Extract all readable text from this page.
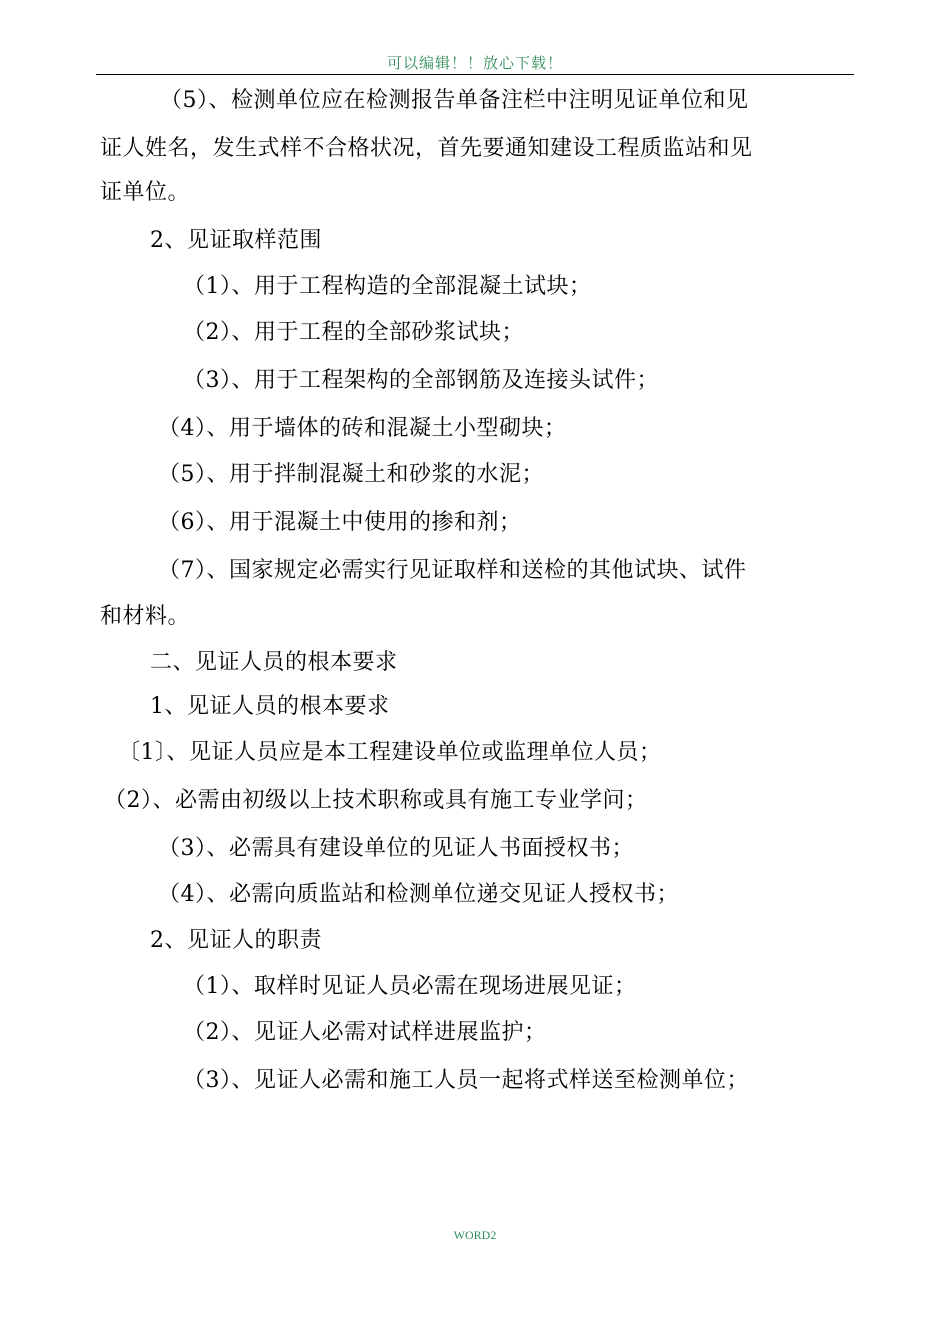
可以编辑！！放心下载！
（5）、检测单位应在检测报告单备注栏中注明见证单位和见
证人姓名，发生式样不合格状况，首先要通知建设工程质监站和见
证单位。
2、见证取样范围
（1）、用于工程构造的全部混凝土试块；
（2）、用于工程的全部砂浆试块；
（3）、用于工程架构的全部钢筋及连接头试件；
（4）、用于墙体的砖和混凝土小型砌块；
（5）、用于拌制混凝土和砂浆的水泥；
（6）、用于混凝土中使用的掺和剂；
（7）、国家规定必需实行见证取样和送检的其他试块、试件
和材料。
二、见证人员的根本要求
1、见证人员的根本要求
〔1〕、见证人员应是本工程建设单位或监理单位人员；
（2）、必需由初级以上技术职称或具有施工专业学问；
（3）、必需具有建设单位的见证人书面授权书；
（4）、必需向质监站和检测单位递交见证人授权书；
2、见证人的职责
（1）、取样时见证人员必需在现场进展见证；
（2）、见证人必需对试样进展监护；
（3）、见证人必需和施工人员一起将式样送至检测单位；
WORD2
